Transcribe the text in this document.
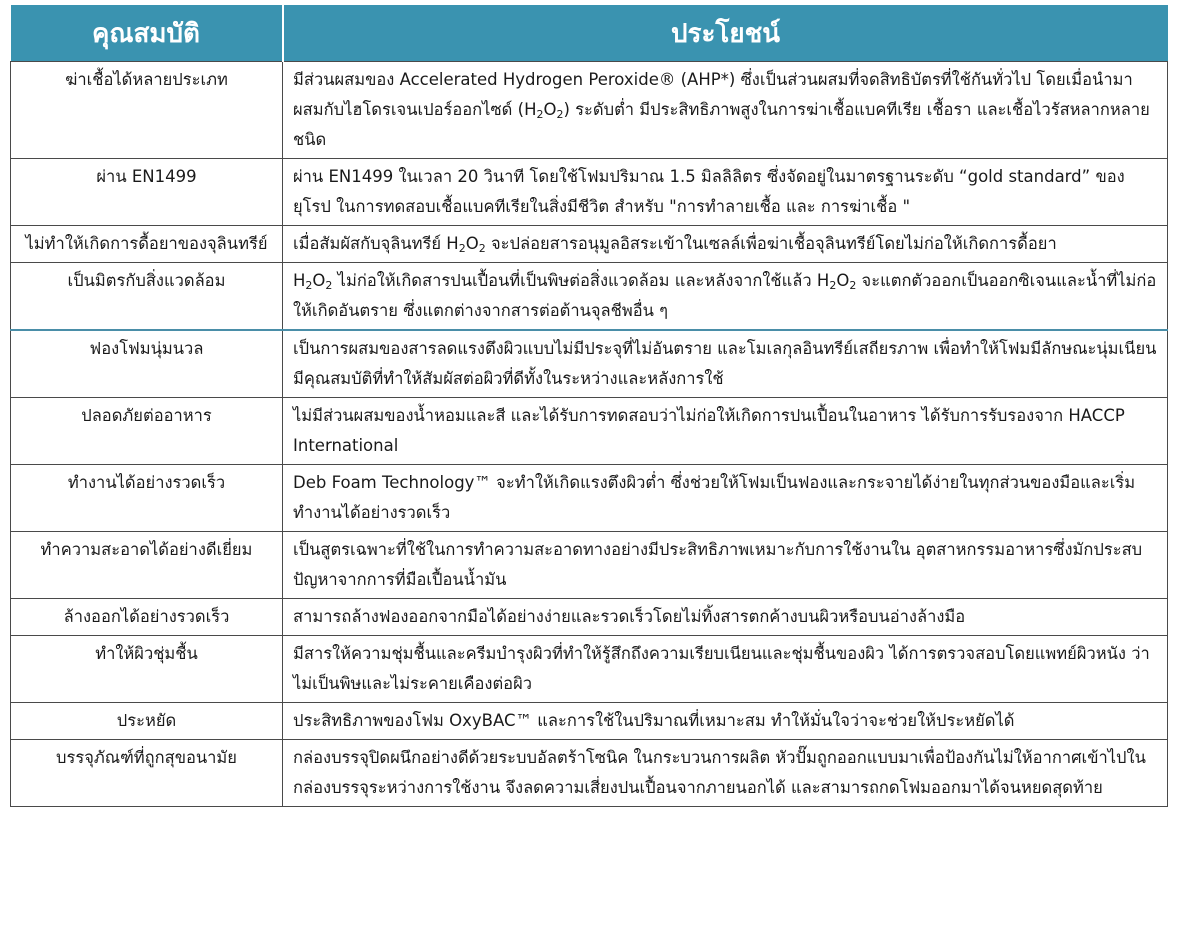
คุณสมบัติ	ประโยชน์
ฆ่าเชื้อได้หลายประเภท	มีส่วนผสมของ Accelerated Hydrogen Peroxide® (AHP*) ซึ่งเป็นส่วนผสมที่จดสิทธิบัตรที่ใช้กันทั่วไป โดยเมื่อนำมาผสมกับไฮโดรเจนเปอร์ออกไซด์ $(H_2O_2)$ ระดับต่ำ มีประสิทธิภาพสูงในการฆ่าเชื้อแบคทีเรีย เชื้อรา และเชื้อไวรัสหลากหลายชนิด
ผ่าน EN1499	ผ่าน EN1499 ในเวลา 20 วินาที โดยใช้โฟมปริมาณ 1.5 มิลลิลิตร ซึ่งจัดอยู่ในมาตรฐานระดับ “gold standard” ของยุโรป ในการทดสอบเชื้อแบคทีเรียในสิ่งมีชีวิต สำหรับ "การทำลายเชื้อ และ การฆ่าเชื้อ "
ไม่ทำให้เกิดการดื้อยาของจุลินทรีย์	เมื่อสัมผัสกับจุลินทรีย์ $H_2O_2$ จะปล่อยสารอนุมูลอิสระเข้าในเซลล์เพื่อฆ่าเชื้อจุลินทรีย์โดยไม่ก่อให้เกิดการดื้อยา
เป็นมิตรกับสิ่งแวดล้อม	$H_2O_2$ ไม่ก่อให้เกิดสารปนเปื้อนที่เป็นพิษต่อสิ่งแวดล้อม และหลังจากใช้แล้ว $H_2O_2$ จะแตกตัวออกเป็นออกซิเจนและน้ำที่ไม่ก่อให้เกิดอันตราย ซึ่งแตกต่างจากสารต่อต้านจุลชีพอื่น ๆ
ฟองโฟมนุ่มนวล	เป็นการผสมของสารลดแรงตึงผิวแบบไม่มีประจุที่ไม่อันตราย และโมเลกุลอินทรีย์เสถียรภาพ เพื่อทำให้โฟมมีลักษณะนุ่มเนียน มีคุณสมบัติที่ทำให้สัมผัสต่อผิวที่ดีทั้งในระหว่างและหลังการใช้
ปลอดภัยต่ออาหาร	ไม่มีส่วนผสมของน้ำหอมและสี และได้รับการทดสอบว่าไม่ก่อให้เกิดการปนเปื้อนในอาหาร ได้รับการรับรองจาก HACCP International
ทำงานได้อย่างรวดเร็ว	Deb Foam Technology™ จะทำให้เกิดแรงตึงผิวต่ำ ซึ่งช่วยให้โฟมเป็นฟองและกระจายได้ง่ายในทุกส่วนของมือและเริ่มทำงานได้อย่างรวดเร็ว
ทำความสะอาดได้อย่างดีเยี่ยม	เป็นสูตรเฉพาะที่ใช้ในการทำความสะอาดทางอย่างมีประสิทธิภาพเหมาะกับการใช้งานใน อุตสาหกรรมอาหารซึ่งมักประสบปัญหาจากการที่มือเปื้อนน้ำมัน
ล้างออกได้อย่างรวดเร็ว	สามารถล้างฟองออกจากมือได้อย่างง่ายและรวดเร็วโดยไม่ทิ้งสารตกค้างบนผิวหรือบนอ่างล้างมือ
ทำให้ผิวชุ่มชื้น	มีสารให้ความชุ่มชื้นและครีมบำรุงผิวที่ทำให้รู้สึกถึงความเรียบเนียนและชุ่มชื้นของผิว ได้การตรวจสอบโดยแพทย์ผิวหนัง ว่าไม่เป็นพิษและไม่ระคายเคืองต่อผิว
ประหยัด	ประสิทธิภาพของโฟม OxyBAC™ และการใช้ในปริมาณที่เหมาะสม ทำให้มั่นใจว่าจะช่วยให้ประหยัดได้
บรรจุภัณฑ์ที่ถูกสุขอนามัย	กล่องบรรจุปิดผนึกอย่างดีด้วยระบบอัลตร้าโซนิค ในกระบวนการผลิต หัวปั๊มถูกออกแบบมาเพื่อป้องกันไม่ให้อากาศเข้าไปในกล่องบรรจุระหว่างการใช้งาน จึงลดความเสี่ยงปนเปื้อนจากภายนอกได้ และสามารถกดโฟมออกมาได้จนหยดสุดท้าย
